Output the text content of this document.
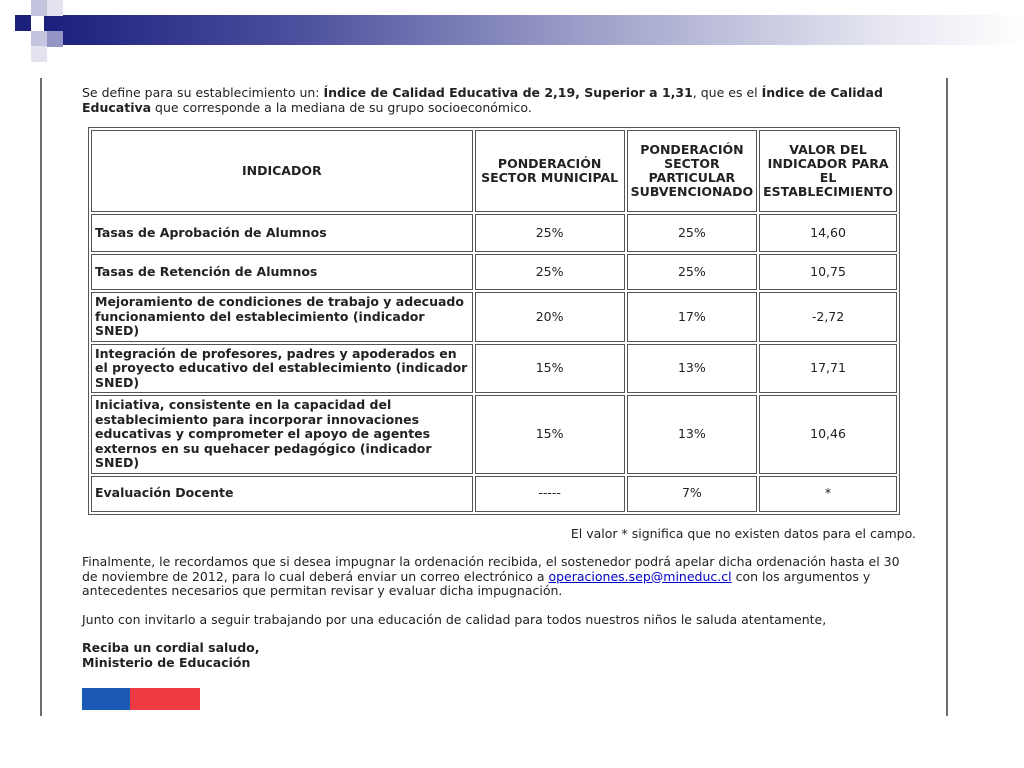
Se define para su establecimiento un: Índice de Calidad Educativa de 2,19, Superior a 1,31, que es el Índice de Calidad Educativa que corresponde a la mediana de su grupo socioeconómico.

INDICADOR	PONDERACIÓN SECTOR MUNICIPAL	PONDERACIÓN SECTOR PARTICULAR SUBVENCIONADO	VALOR DEL INDICADOR PARA EL ESTABLECIMIENTO
Tasas de Aprobación de Alumnos	25%	25%	14,60
Tasas de Retención de Alumnos	25%	25%	10,75
Mejoramiento de condiciones de trabajo y adecuado funcionamiento del establecimiento (indicador SNED)	20%	17%	-2,72
Integración de profesores, padres y apoderados en el proyecto educativo del establecimiento (indicador SNED)	15%	13%	17,71
Iniciativa, consistente en la capacidad del establecimiento para incorporar innovaciones educativas y comprometer el apoyo de agentes externos en su quehacer pedagógico (indicador SNED)	15%	13%	10,46
Evaluación Docente	-----	7%	*

El valor * significa que no existen datos para el campo.

Finalmente, le recordamos que si desea impugnar la ordenación recibida, el sostenedor podrá apelar dicha ordenación hasta el 30 de noviembre de 2012, para lo cual deberá enviar un correo electrónico a operaciones.sep@mineduc.cl con los argumentos y antecedentes necesarios que permitan revisar y evaluar dicha impugnación.

Junto con invitarlo a seguir trabajando por una educación de calidad para todos nuestros niños le saluda atentamente,

Reciba un cordial saludo,

Ministerio de Educación
